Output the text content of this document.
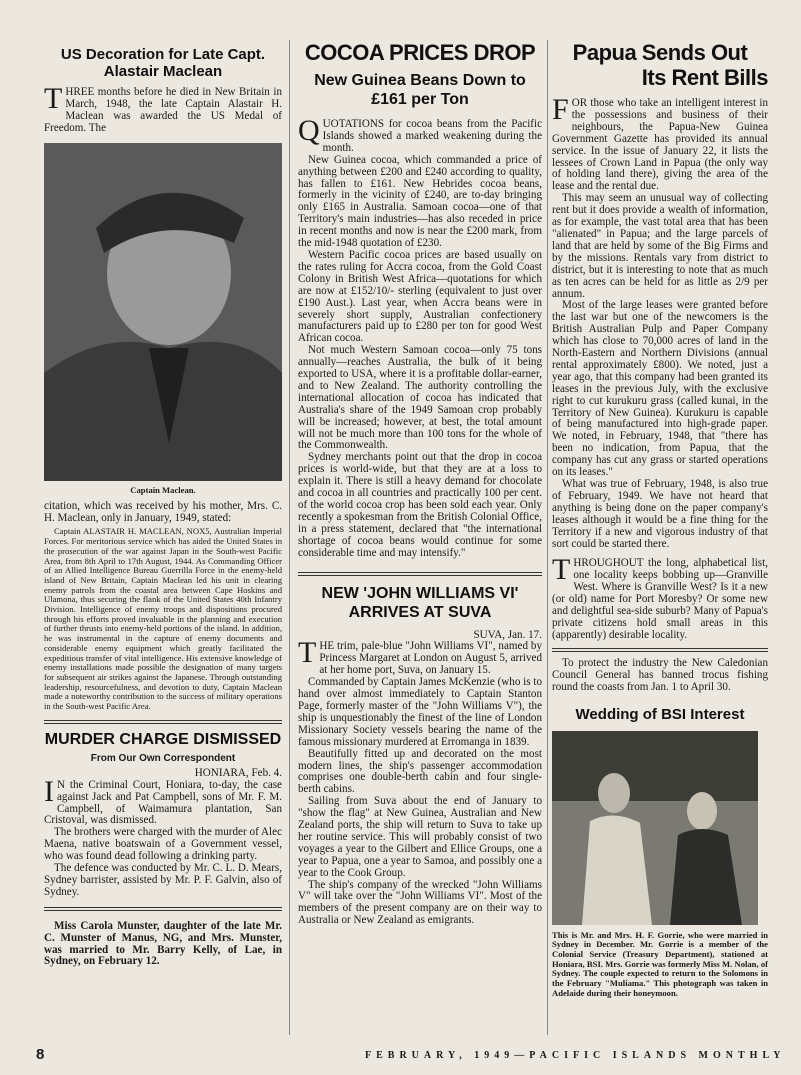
US Decoration for Late Capt. Alastair Maclean

THREE months before he died in New Britain in March, 1948, the late Captain Alastair H. Maclean was awarded the US Medal of Freedom. The

Captain Maclean.

citation, which was received by his mother, Mrs. C. H. Maclean, only in January, 1949, stated:

Captain ALASTAIR H. MACLEAN, NOX5, Australian Imperial Forces. For meritorious service which has aided the United States in the prosecution of the war against Japan in the South-west Pacific Area, from 8th April to 17th August, 1944. As Commanding Officer of an Allied Intelligence Bureau Guerrilla Force in the enemy-held island of New Britain, Captain Maclean led his unit in clearing enemy patrols from the coastal area between Cape Hoskins and Ulamona, thus securing the flank of the United States 40th Infantry Division. Intelligence of enemy troops and dispositions procured through his efforts proved invaluable in the planning and execution of further thrusts into enemy-held portions of the island. In addition, he was instrumental in the capture of enemy documents and considerable enemy equipment which greatly facilitated the expeditious transfer of vital intelligence. His extensive knowledge of enemy installations made possible the designation of many targets for subsequent air strikes against the Japanese. Through outstanding leadership, resourcefulness, and devotion to duty, Captain Maclean made a noteworthy contribution to the success of military operations in the South-west Pacific Area.

MURDER CHARGE DISMISSED
From Our Own Correspondent

HONIARA, Feb. 4.

IN the Criminal Court, Honiara, to-day, the case against Jack and Pat Campbell, sons of Mr. F. M. Campbell, of Waimamura plantation, San Cristoval, was dismissed.

The brothers were charged with the murder of Alec Maena, native boatswain of a Government vessel, who was found dead following a drinking party.

The defence was conducted by Mr. C. L. D. Mears, Sydney barrister, assisted by Mr. P. F. Galvin, also of Sydney.

Miss Carola Munster, daughter of the late Mr. C. Munster of Manus, NG, and Mrs. Munster, was married to Mr. Barry Kelly, of Lae, in Sydney, on February 12.

COCOA PRICES DROP
New Guinea Beans Down to £161 per Ton

QUOTATIONS for cocoa beans from the Pacific Islands showed a marked weakening during the month.

New Guinea cocoa, which commanded a price of anything between £200 and £240 according to quality, has fallen to £161. New Hebrides cocoa beans, formerly in the vicinity of £240, are to-day bringing only £165 in Australia. Samoan cocoa—one of that Territory's main industries—has also receded in price in recent months and now is near the £200 mark, from the mid-1948 quotation of £230.

Western Pacific cocoa prices are based usually on the rates ruling for Accra cocoa, from the Gold Coast Colony in British West Africa—quotations for which are now at £152/10/- sterling (equivalent to just over £190 Aust.). Last year, when Accra beans were in severely short supply, Australian confectionery manufacturers paid up to £280 per ton for good West African cocoa.

Not much Western Samoan cocoa—only 75 tons annually—reaches Australia, the bulk of it being exported to USA, where it is a profitable dollar-earner, and to New Zealand. The authority controlling the international allocation of cocoa has indicated that Australia's share of the 1949 Samoan crop probably will be increased; however, at best, the total amount will not be much more than 100 tons for the whole of the Commonwealth.

Sydney merchants point out that the drop in cocoa prices is world-wide, but that they are at a loss to explain it. There is still a heavy demand for chocolate and cocoa in all countries and practically 100 per cent. of the world cocoa crop has been sold each year. Only recently a spokesman from the British Colonial Office, in a press statement, declared that "the international shortage of cocoa beans would continue for some considerable time and may intensify."

NEW 'JOHN WILLIAMS VI' ARRIVES AT SUVA

SUVA, Jan. 17.

THE trim, pale-blue "John Williams VI", named by Princess Margaret at London on August 5, arrived at her home port, Suva, on January 15.

Commanded by Captain James McKenzie (who is to hand over almost immediately to Captain Stanton Page, formerly master of the "John Williams V"), the ship is unquestionably the finest of the line of London Missionary Society vessels bearing the name of the famous missionary murdered at Erromanga in 1839.

Beautifully fitted up and decorated on the most modern lines, the ship's passenger accommodation comprises one double-berth cabin and four single-berth cabins.

Sailing from Suva about the end of January to "show the flag" at New Guinea, Australian and New Zealand ports, the ship will return to Suva to take up her routine service. This will probably consist of two voyages a year to the Gilbert and Ellice Groups, one a year to Papua, one a year to Samoa, and possibly one a year to the Cook Group.

The ship's company of the wrecked "John Williams V" will take over the "John Williams VI". Most of the members of the present company are on their way to Australia or New Zealand as emigrants.

Papua Sends Out
Its Rent Bills

FOR those who take an intelligent interest in the possessions and business of their neighbours, the Papua-New Guinea Government Gazette has provided its annual service. In the issue of January 22, it lists the lessees of Crown Land in Papua (the only way of holding land there), giving the area of the lease and the rental due.

This may seem an unusual way of collecting rent but it does provide a wealth of information, as for example, the vast total area that has been "alienated" in Papua; and the large parcels of land that are held by some of the Big Firms and by the missions. Rentals vary from district to district, but it is interesting to note that as much as ten acres can be held for as little as 2/9 per annum.

Most of the large leases were granted before the last war but one of the newcomers is the British Australian Pulp and Paper Company which has close to 70,000 acres of land in the North-Eastern and Northern Divisions (annual rental approximately £800). We noted, just a year ago, that this company had been granted its leases in the previous July, with the exclusive right to cut kurukuru grass (called kunai, in the Territory of New Guinea). Kurukuru is capable of being manufactured into high-grade paper. We noted, in February, 1948, that "there has been no indication, from Papua, that the company has cut any grass or started operations on its leases."

What was true of February, 1948, is also true of February, 1949. We have not heard that anything is being done on the paper company's leases although it would be a fine thing for the Territory if a new and vigorous industry of that sort could be started there.

THROUGHOUT the long, alphabetical list, one locality keeps bobbing up—Granville West. Where is Granville West? Is it a new (or old) name for Port Moresby? Or some new and delightful sea-side suburb? Many of Papua's private citizens hold small areas in this (apparently) desirable locality.

To protect the industry the New Caledonian Council General has banned trocus fishing round the coasts from Jan. 1 to April 30.

Wedding of BSI Interest

This is Mr. and Mrs. H. F. Gorrie, who were married in Sydney in December. Mr. Gorrie is a member of the Colonial Service (Treasury Department), stationed at Honiara, BSI. Mrs. Gorrie was formerly Miss M. Nolan, of Sydney. The couple expected to return to the Solomons in the February "Muliama." This photograph was taken in Adelaide during their honeymoon.

8	FEBRUARY, 1949—PACIFIC ISLANDS MONTHLY
